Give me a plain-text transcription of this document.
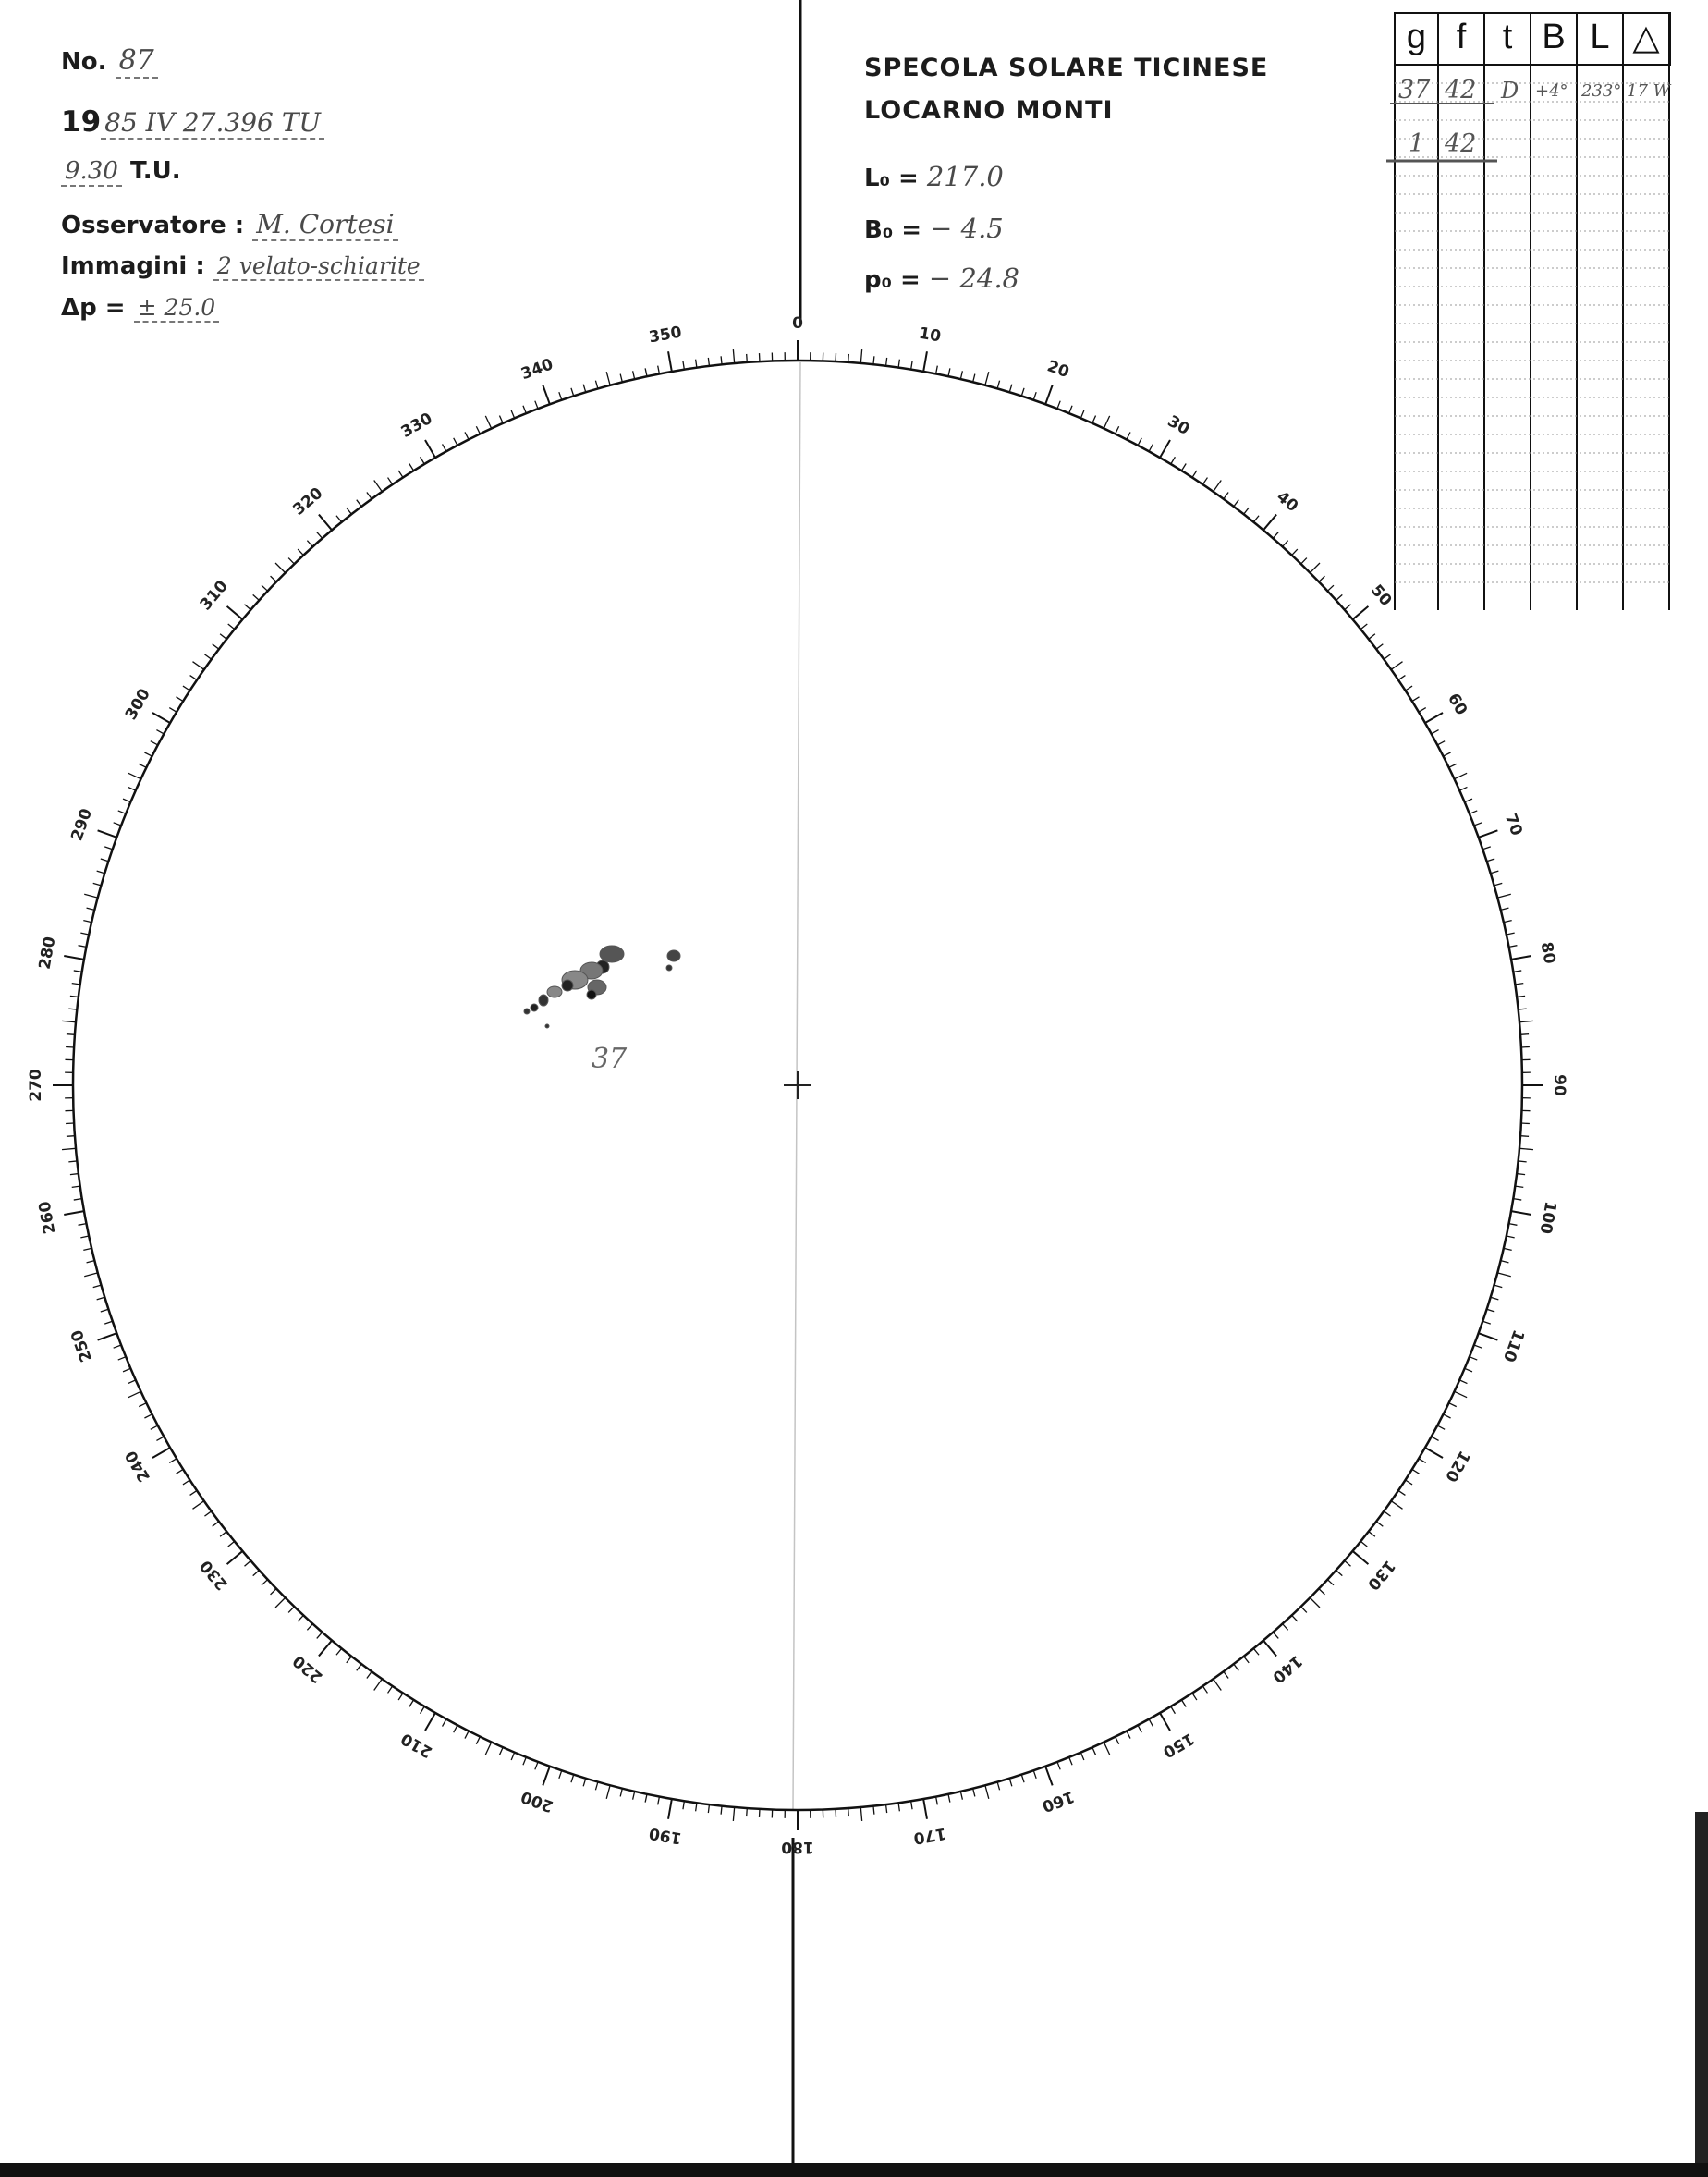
0
10
20
30
40
50
60
70
80
90
100
110
120
130
140
150
160
170
180
190
200
210
220
230
240
250
260
270
280
290
300
310
320
330
340
350
37
No. 87
19 85 IV 27.396 TU
9.30 T.U.
Osservatore : M. Cortesi
Immagini : 2 velato-schiarite
Δp = ± 25.0
SPECOLA SOLARE TICINESE
LOCARNO MONTI
L₀ = 217.0
B₀ = − 4.5
p₀ = − 24.8
g f	t B L △
37 42 D +4° 233° 17 W
1 42
